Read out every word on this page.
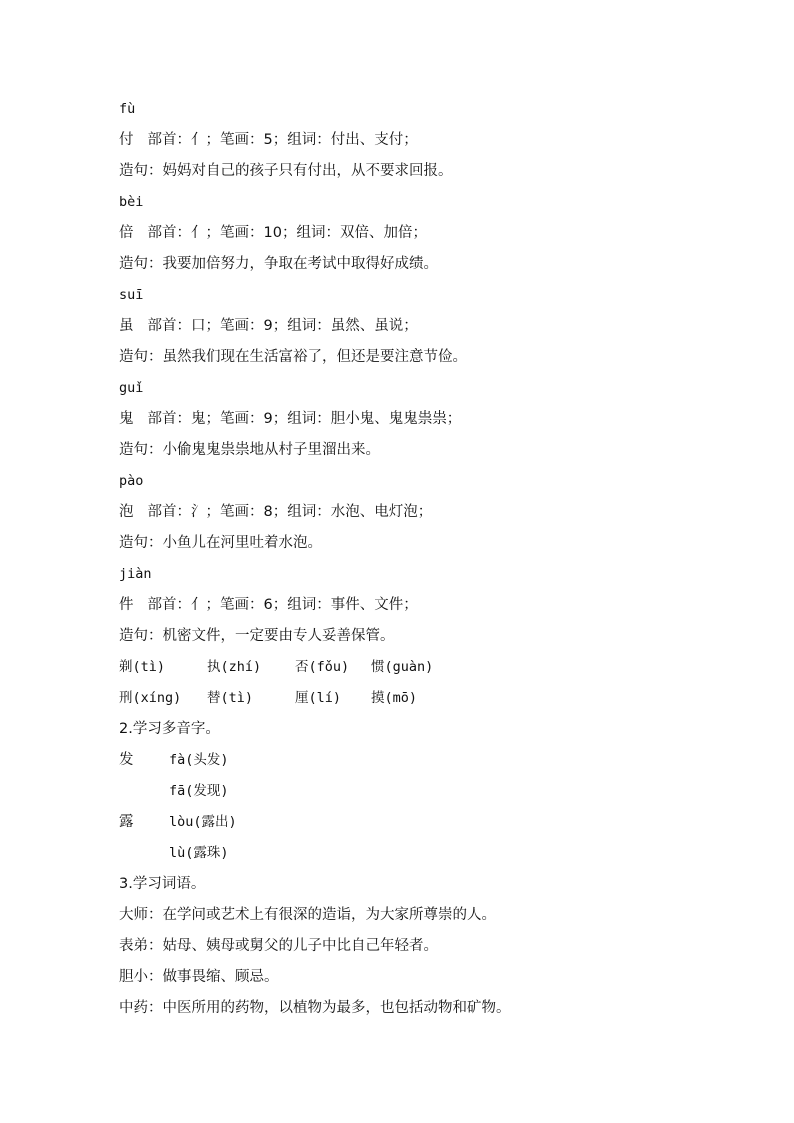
fù
付 部首：亻；笔画：5；组词：付出、支付；
造句：妈妈对自己的孩子只有付出，从不要求回报。
bèi
倍 部首：亻；笔画：10；组词：双倍、加倍；
造句：我要加倍努力，争取在考试中取得好成绩。
suī
虽 部首：口；笔画：9；组词：虽然、虽说；
造句：虽然我们现在生活富裕了，但还是要注意节俭。
guǐ
鬼 部首：鬼；笔画：9；组词：胆小鬼、鬼鬼祟祟；
造句：小偷鬼鬼祟祟地从村子里溜出来。
pào
泡 部首：氵；笔画：8；组词：水泡、电灯泡；
造句：小鱼儿在河里吐着水泡。
jiàn
件 部首：亻；笔画：6；组词：事件、文件；
造句：机密文件，一定要由专人妥善保管。
剃(tì)	执(zhí)	否(fǒu) 惯(guàn)
刑(xíng) 替(tì)	厘(lí) 摸(mō)
2.学习多音字。
发	fà(头发)
fā(发现)
露	lòu(露出)
lù(露珠)
3.学习词语。
大师：在学问或艺术上有很深的造诣，为大家所尊崇的人。
表弟：姑母、姨母或舅父的儿子中比自己年轻者。
胆小：做事畏缩、顾忌。
中药：中医所用的药物，以植物为最多，也包括动物和矿物。
